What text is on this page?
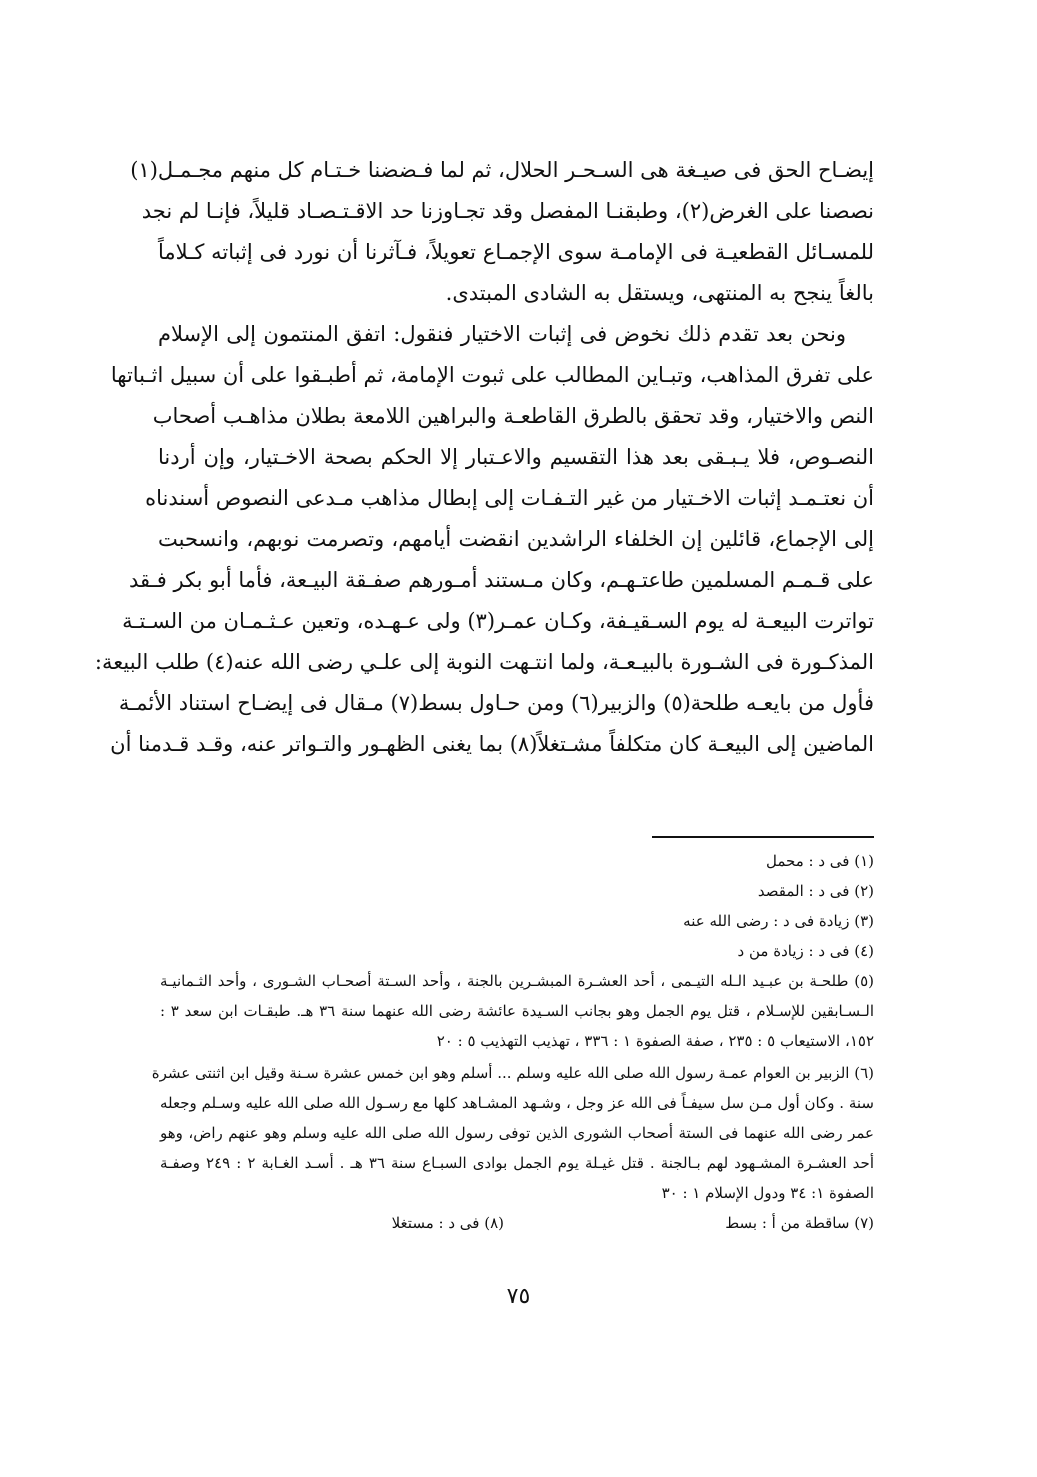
إيضـاح الحق فى صيـغة هى السـحـر الحلال، ثم لما فـضضنا خـتـام كل منهم مجـمـل(١)
نصصنا على الغرض(٢)، وطبقنـا المفصل وقد تجـاوزنا حد الاقـتـصـاد قليلاً، فإنـا لم نجد
للمسـائل القطعيـة فى الإمامـة سوى الإجمـاع تعويلاً، فـآثرنا أن نورد فى إثباته كـلاماً
بالغاً ينجح به المنتهى، ويستقل به الشادى المبتدى.
ونحن بعد تقدم ذلك نخوض فى إثبات الاختيار فنقول: اتفق المنتمون إلى الإسلام
على تفرق المذاهب، وتبـاين المطالب على ثبوت الإمامة، ثم أطبـقوا على أن سبيل اثـباتها
النص والاختيار، وقد تحقق بالطرق القاطعـة والبراهين اللامعة بطلان مذاهـب أصحاب
النصـوص، فلا يـبـقى بعد هذا التقسيم والاعـتبار إلا الحكم بصحة الاخـتيار، وإن أردنا
أن نعتـمـد إثبات الاخـتيار من غير التـفـات إلى إبطال مذاهب مـدعى النصوص أسندناه
إلى الإجماع، قائلين إن الخلفاء الراشدين انقضت أيامهم، وتصرمت نوبهم، وانسحبت
على قـمـم المسلمين طاعتـهـم، وكان مـستند أمـورهم صفـقة البيـعة، فأما أبو بكر فـقد
تواترت البيعـة له يوم السـقيـفة، وكـان عمـر(٣) ولى عـهـده، وتعين عـثـمـان من السـتـة
المذكـورة فى الشـورة بالبيـعـة، ولما انتـهت النوبة إلى علـي رضى الله عنه(٤) طلب البيعة:
فأول من بايعـه طلحة(٥) والزبير(٦) ومن حـاول بسط(٧) مـقال فى إيضـاح استناد الأئمـة
الماضين إلى البيعـة كان متكلفاً مشـتغلاً(٨) بما يغنى الظهـور والتـواتر عنه، وقـد قـدمنا أن
(١) فى د : محمل
(٢) فى د : المقصد
(٣) زيادة فى د : رضى الله عنه
(٤) فى د : زيادة من د
(٥) طلحـة بن عبـيد الـله التيـمى ، أحد العشـرة المبشـرين بالجنة ، وأحد السـتة أصحـاب الشـورى ، وأحد الثـمانيـة
الـسـابقين للإسـلام ، قتل يوم الجمل وهو بجانب السـيدة عائشة رضى الله عنهما سنة ٣٦ هـ. طبقـات ابن سعد ٣ :
١٥٢، الاستيعاب ٥ : ٢٣٥ ، صفة الصفوة ١ : ٣٣٦ ، تهذيب التهذيب ٥ : ٢٠
(٦) الزبير بن العوام عمـة رسول الله صلى الله عليه وسلم ... أسلم وهو ابن خمس عشرة سـنة وقيل ابن اثنتى عشرة
سنة . وكان أول مـن سل سيفـاً فى الله عز وجل ، وشـهد المشـاهد كلها مع رسـول الله صلى الله عليه وسـلم وجعله
عمر رضى الله عنهما فى الستة أصحاب الشورى الذين توفى رسول الله صلى الله عليه وسلم وهو عنهم راض، وهو
أحد العشـرة المشـهود لهم بـالجنة . قتل غيـلة يوم الجمل بوادى السبـاع سنة ٣٦ هـ . أسـد الغـابة ٢ : ٢٤٩ وصفـة
الصفوة ١: ٣٤ ودول الإسلام ١ : ٣٠
(٧) ساقطة من أ : بسط
(٨) فى د : مستغلا
٧٥
